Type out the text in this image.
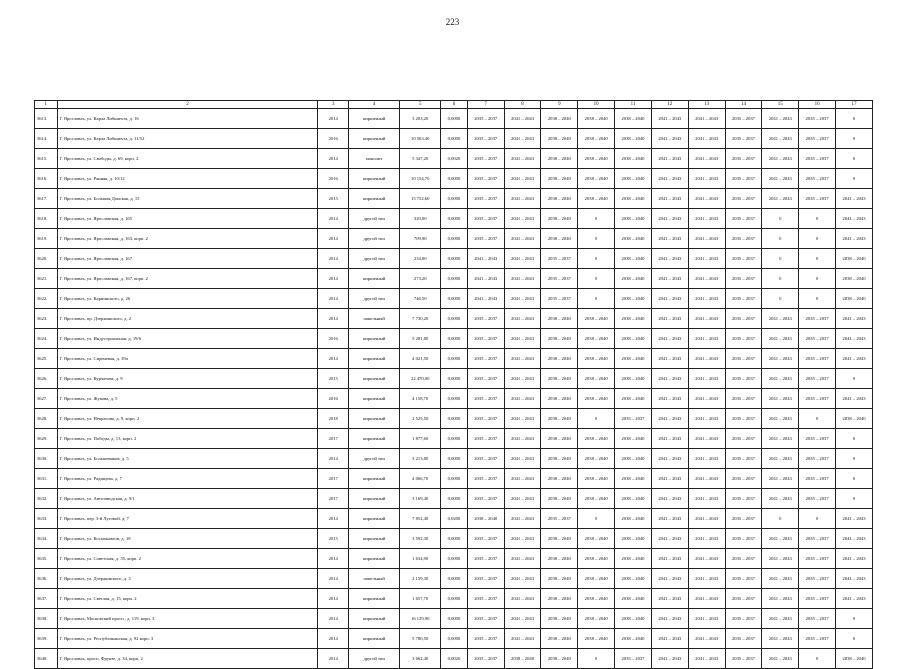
223
1	2	3	4	5	6	7	8	9	10	11	12	13	14	15	16	17
3613.	Г. Ярославль, ул. Карла Либкнехта, д. 16	2014	кирпичный	3 203,20	0,0000	2035 – 2037	2041 – 2043	2038 – 2040	2038 – 2040	2038 – 2040	2041 – 2043	2041 – 2043	2035 – 2037	2041 – 2043	2035 – 2037	0
3614.	Г. Ярославль, ул. Карла Либкнехта, д. 11/52	2016	кирпичный	10 563,40	0,0000	2035 – 2037	2041 – 2043	2038 – 2040	2038 – 2040	2038 – 2040	2041 – 2043	2041 – 2043	2035 – 2037	2041 – 2043	2035 – 2037	0
3615.	Г. Ярославль, ул. Свободы, д. 69, корп. 2	2014	монолит	5 347,20	0,0020	2035 – 2037	2041 – 2043	2038 – 2040	2038 – 2040	2038 – 2040	2041 – 2043	2041 – 2043	2035 – 2037	2041 – 2043	2035 – 2037	0
3616.	Г. Ярославль, ул. Ранняя, д. 10/12	2016	кирпичный	10 154,70	0,0000	2035 – 2037	2041 – 2043	2038 – 2040	2038 – 2040	2038 – 2040	2041 – 2043	2041 – 2043	2035 – 2037	2041 – 2043	2035 – 2037	0
3617.	Г. Ярославль, ул. Большая Донская, д. 15	2015	кирпичный	15 752,60	0,0000	2035 – 2037	2041 – 2043	2038 – 2040	2038 – 2040	2038 – 2040	2041 – 2043	2041 – 2043	2035 – 2037	2041 – 2043	2035 – 2037	2041 – 2043
3618.	Г. Ярославль, ул. Ярославская, д. 165	2014	другой тип	320,00	0,0000	2035 – 2037	2041 – 2043	2038 – 2040	0	2038 – 2040	2041 – 2043	2041 – 2043	2035 – 2037	0	0	2041 – 2043
3619.	Г. Ярославль, ул. Ярославская, д. 163, корп. 2	2014	другой тип	709,90	0,0000	2035 – 2037	2041 – 2043	2038 – 2040	0	2038 – 2040	2041 – 2043	2041 – 2043	2035 – 2037	0	0	2041 – 2043
3620.	Г. Ярославль, ул. Ярославская, д. 167	2014	другой тип	234,00	0,0000	2041 – 2043	2041 – 2043	2035 – 2037	0	2038 – 2040	2041 – 2043	2041 – 2043	2035 – 2037	0	0	2038 – 2040
3621.	Г. Ярославль, ул. Ярославская, д. 167, корп. 2	2014	кирпичный	273,20	0,0000	2041 – 2043	2041 – 2043	2035 – 2037	0	2038 – 2040	2041 – 2043	2041 – 2043	2035 – 2037	0	0	2038 – 2040
3622.	Г. Ярославль, ул. Карпинского, д. 26	2014	другой тип	746,50	0,0000	2041 – 2043	2041 – 2043	2035 – 2037	0	2038 – 2040	2041 – 2043	2041 – 2043	2035 – 2037	0	0	2038 – 2040
3623.	Г. Ярославль, пр. Дзержинского, д. 2	2014	панельный	7 730,20	0,0000	2035 – 2037	2041 – 2043	2038 – 2040	2038 – 2040	2038 – 2040	2041 – 2043	2041 – 2043	2035 – 2037	2041 – 2043	2035 – 2037	2041 – 2043
3624.	Г. Ярославль, ул. Индустриальная, д. 19/6	2016	кирпичный	5 281,80	0,0000	2035 – 2037	2041 – 2043	2038 – 2040	2038 – 2040	2038 – 2040	2041 – 2043	2041 – 2043	2035 – 2037	2041 – 2043	2035 – 2037	2041 – 2043
3625.	Г. Ярославль, ул. Сиреневая, д. 39а	2014	кирпичный	4 021,50	0,0000	2035 – 2037	2041 – 2043	2038 – 2040	2038 – 2040	2038 – 2040	2041 – 2043	2041 – 2043	2035 – 2037	2041 – 2043	2035 – 2037	2041 – 2043
3626.	Г. Ярославль, ул. Курчатова, д. 9	2015	кирпичный	22 470,00	0,0000	2035 – 2037	2041 – 2043	2038 – 2040	2038 – 2040	2038 – 2040	2041 – 2043	2041 – 2043	2035 – 2037	2041 – 2043	2035 – 2037	0
3627.	Г. Ярославль, ул. Жукова, д. 5	2016	кирпичный	4 158,70	0,0000	2035 – 2037	2041 – 2043	2038 – 2040	2038 – 2040	2038 – 2040	2041 – 2043	2041 – 2043	2035 – 2037	2041 – 2043	2035 – 2037	2041 – 2043
3628.	Г. Ярославль, ул. Некрасова, д. 9, корп. 2	2018	кирпичный	2 525,50	0,0000	2035 – 2037	2041 – 2043	2038 – 2040	0	2035 – 2037	2041 – 2043	2041 – 2043	2035 – 2037	2041 – 2043	0	2038 – 2040
3629.	Г. Ярославль, ул. Победы, д. 13, корп. 2	2017	кирпичный	1 877,60	0,0000	2035 – 2037	2041 – 2043	2038 – 2040	2038 – 2040	2038 – 2040	2041 – 2043	2041 – 2043	2035 – 2037	2041 – 2043	2035 – 2037	0
3630.	Г. Ярославль, ул. Большевиков, д. 5	2014	другой тип	3 213,80	0,0000	2035 – 2037	2041 – 2043	2038 – 2040	2038 – 2040	2038 – 2040	2041 – 2043	2041 – 2043	2035 – 2037	2041 – 2043	2035 – 2037	0
3631.	Г. Ярославль, ул. Радищева, д. 7	2017	кирпичный	4 066,70	0,0000	2035 – 2037	2041 – 2043	2038 – 2040	2038 – 2040	2038 – 2040	2041 – 2043	2041 – 2043	2035 – 2037	2041 – 2043	2035 – 2037	0
3632.	Г. Ярославль, ул. Автозаводская, д. 9/1	2017	кирпичный	3 169,40	0,0000	2035 – 2037	2041 – 2043	2038 – 2040	2038 – 2040	2038 – 2040	2041 – 2043	2041 – 2043	2035 – 2037	2041 – 2043	2035 – 2037	0
3633.	Г. Ярославль, пер. 3-й Луговой, д. 7	2014	кирпичный	7 852,40	0,0200	2038 – 2040	2041 – 2043	2035 – 2037	0	2038 – 2040	2041 – 2043	2041 – 2043	2035 – 2037	0	0	2041 – 2043
3634.	Г. Ярославль, ул. Космонавтов, д. 18	2015	кирпичный	3 592,30	0,0000	2035 – 2037	2041 – 2043	2038 – 2040	2038 – 2040	2038 – 2040	2041 – 2043	2041 – 2043	2035 – 2037	2041 – 2043	2035 – 2037	2041 – 2043
3635.	Г. Ярославль, ул. Советская, д. 55, корп. 2	2014	кирпичный	1 634,90	0,0000	2035 – 2037	2041 – 2043	2038 – 2040	2038 – 2040	2038 – 2040	2041 – 2043	2041 – 2043	2035 – 2037	2041 – 2043	2035 – 2037	2041 – 2043
3636.	Г. Ярославль, ул. Дзержинского, д. 3	2014	панельный	2 159,30	0,0000	2035 – 2037	2041 – 2043	2038 – 2040	2038 – 2040	2038 – 2040	2041 – 2043	2041 – 2043	2035 – 2037	2041 – 2043	2035 – 2037	2041 – 2043
3637.	Г. Ярославль, ул. Светлая, д. 15, корп. 2	2014	кирпичный	1 657,70	0,0000	2035 – 2037	2041 – 2043	2038 – 2040	2038 – 2040	2038 – 2040	2041 – 2043	2041 – 2043	2035 – 2037	2041 – 2043	2035 – 2037	2041 – 2043
3638.	Г. Ярославль, Московский просп., д. 119, корп. 3	2014	кирпичный	16 129,90	0,0000	2035 – 2037	2041 – 2043	2038 – 2040	2038 – 2040	2038 – 2040	2041 – 2043	2041 – 2043	2035 – 2037	2041 – 2043	2035 – 2037	0
3639.	Г. Ярославль, ул. Республиканская, д. 92 корп. 3	2014	кирпичный	5 780,50	0,0000	2035 – 2037	2041 – 2043	2038 – 2040	2038 – 2040	2038 – 2040	2041 – 2043	2041 – 2043	2035 – 2037	2041 – 2043	2035 – 2037	0
3640.	Г. Ярославль, просп. Фрунзе, д. 34, корп. 2	2014	другой тип	3 662,40	0,0020	2035 – 2037	2038 – 2040	2038 – 2040	0	2035 – 2037	2041 – 2043	2041 – 2043	2035 – 2037	2041 – 2043	0	2038 – 2040
